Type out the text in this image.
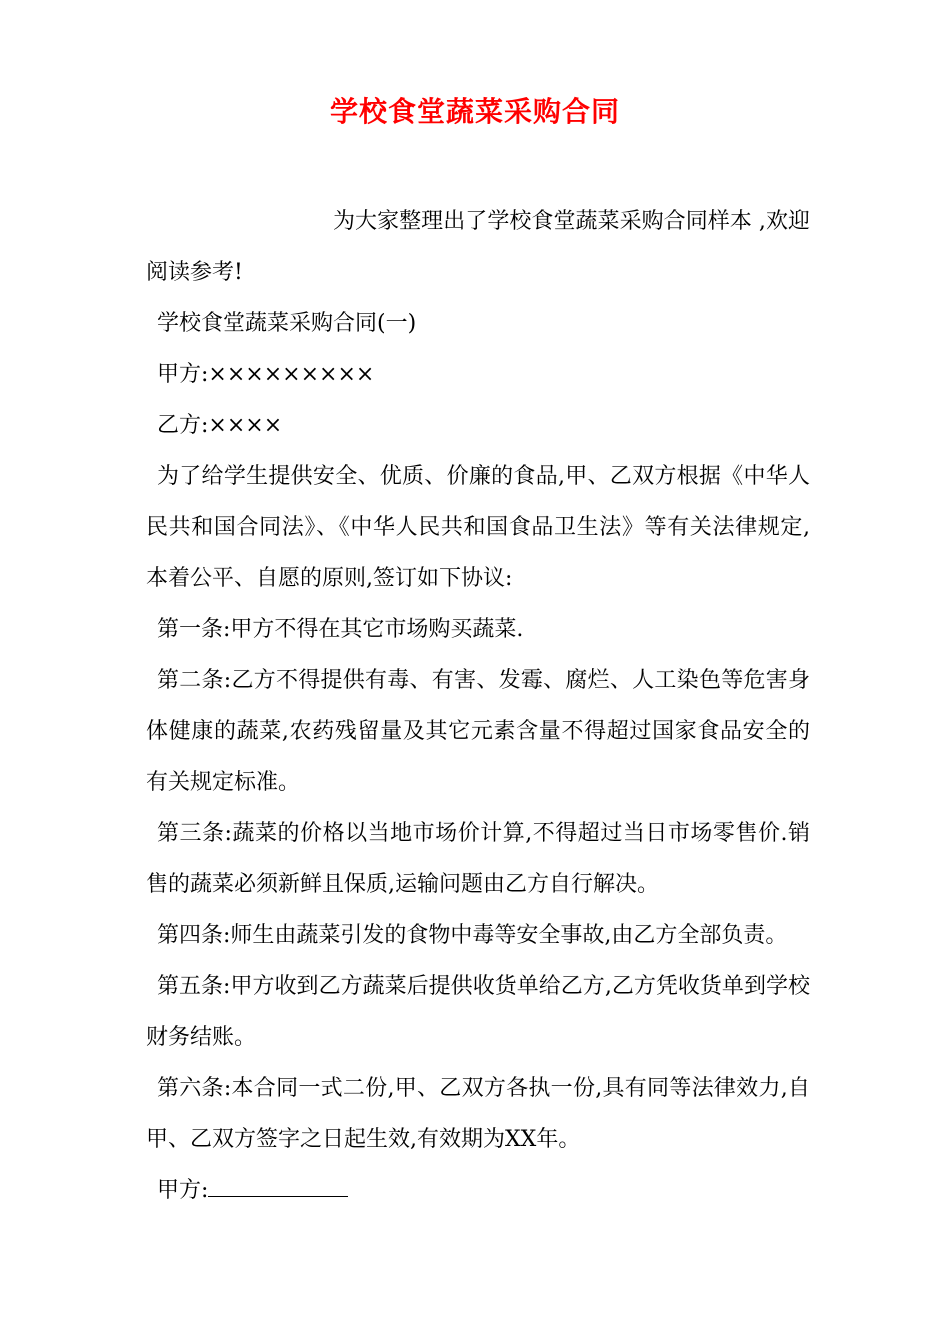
学校食堂蔬菜采购合同

为大家整理出了学校食堂蔬菜采购合同样本 ,欢迎阅读参考!

学校食堂蔬菜采购合同(一)

甲方:×××××××××

乙方:××××

为了给学生提供安全、优质、价廉的食品,甲、乙双方根据《中华人民共和国合同法》、《中华人民共和国食品卫生法》等有关法律规定,本着公平、自愿的原则,签订如下协议:

第一条:甲方不得在其它市场购买蔬菜.

第二条:乙方不得提供有毒、有害、发霉、腐烂、人工染色等危害身体健康的蔬菜,农药残留量及其它元素含量不得超过国家食品安全的有关规定标准。

第三条:蔬菜的价格以当地市场价计算,不得超过当日市场零售价.销售的蔬菜必须新鲜且保质,运输问题由乙方自行解决。

第四条:师生由蔬菜引发的食物中毒等安全事故,由乙方全部负责。

第五条:甲方收到乙方蔬菜后提供收货单给乙方,乙方凭收货单到学校财务结账。

第六条:本合同一式二份,甲、乙双方各执一份,具有同等法律效力,自甲、乙双方签字之日起生效,有效期为XX年。

甲方:
